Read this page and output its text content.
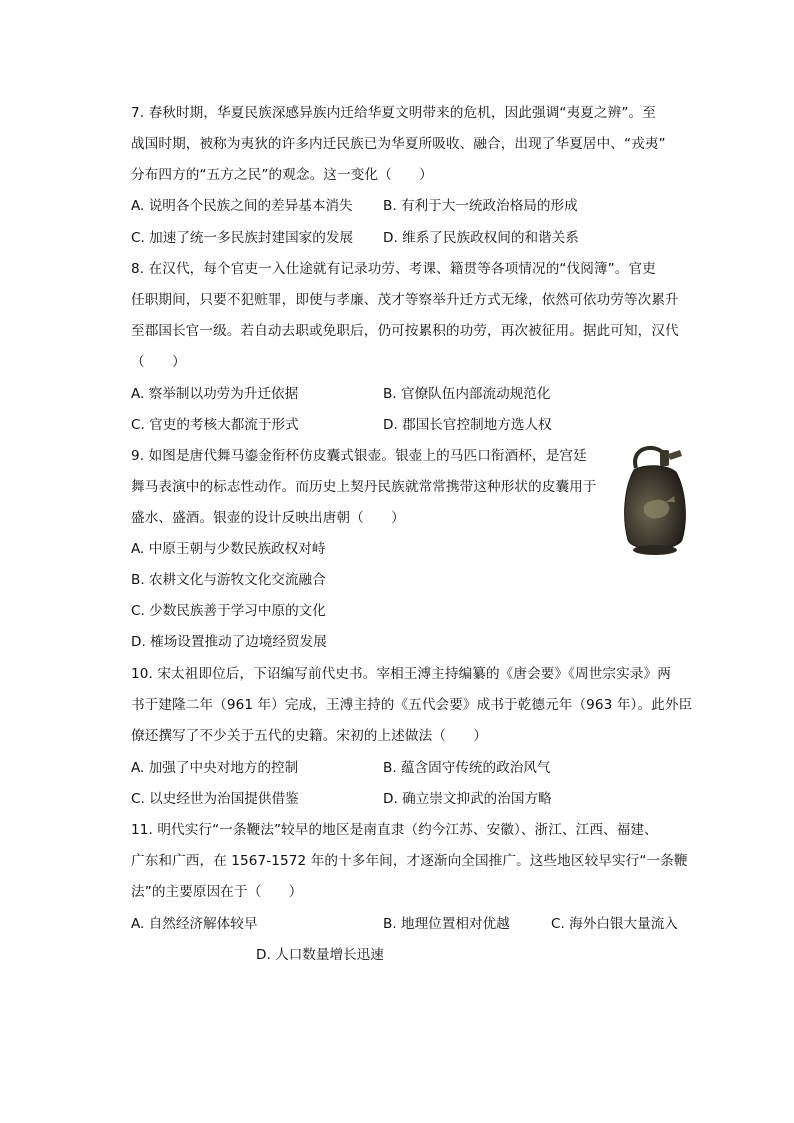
7. 春秋时期，华夏民族深感异族内迁给华夏文明带来的危机，因此强调“夷夏之辨”。至
战国时期，被称为夷狄的许多内迁民族已为华夏所吸收、融合，出现了华夏居中、“戎夷”
分布四方的“五方之民”的观念。这一变化（　　）
A. 说明各个民族之间的差异基本消失 B. 有利于大一统政治格局的形成
C. 加速了统一多民族封建国家的发展 D. 维系了民族政权间的和谐关系
8. 在汉代，每个官吏一入仕途就有记录功劳、考课、籍贯等各项情况的“伐阅簿”。官吏
任职期间，只要不犯赃罪，即使与孝廉、茂才等察举升迁方式无缘，依然可依功劳等次累升
至郡国长官一级。若自动去职或免职后，仍可按累积的功劳，再次被征用。据此可知，汉代
（　　）
A. 察举制以功劳为升迁依据	B. 官僚队伍内部流动规范化
C. 官吏的考核大都流于形式	D. 郡国长官控制地方选人权
9. 如图是唐代舞马鎏金衔杯仿皮囊式银壶。银壶上的马匹口衔酒杯，是宫廷
舞马表演中的标志性动作。而历史上契丹民族就常常携带这种形状的皮囊用于
盛水、盛酒。银壶的设计反映出唐朝（　　）
A. 中原王朝与少数民族政权对峙
B. 农耕文化与游牧文化交流融合
C. 少数民族善于学习中原的文化
D. 榷场设置推动了边境经贸发展
10. 宋太祖即位后，下诏编写前代史书。宰相王溥主持编纂的《唐会要》《周世宗实录》两
书于建隆二年（961 年）完成，王溥主持的《五代会要》成书于乾德元年（963 年）。此外臣
僚还撰写了不少关于五代的史籍。宋初的上述做法（　　）
A. 加强了中央对地方的控制	B. 蕴含固守传统的政治风气
C. 以史经世为治国提供借鉴	D. 确立崇文抑武的治国方略
11. 明代实行“一条鞭法”较早的地区是南直隶（约今江苏、安徽）、浙江、江西、福建、
广东和广西，在 1567-1572 年的十多年间，才逐渐向全国推广。这些地区较早实行“一条鞭
法”的主要原因在于（　　）
A. 自然经济解体较早	B. 地理位置相对优越	C. 海外白银大量流入
D. 人口数量增长迅速
